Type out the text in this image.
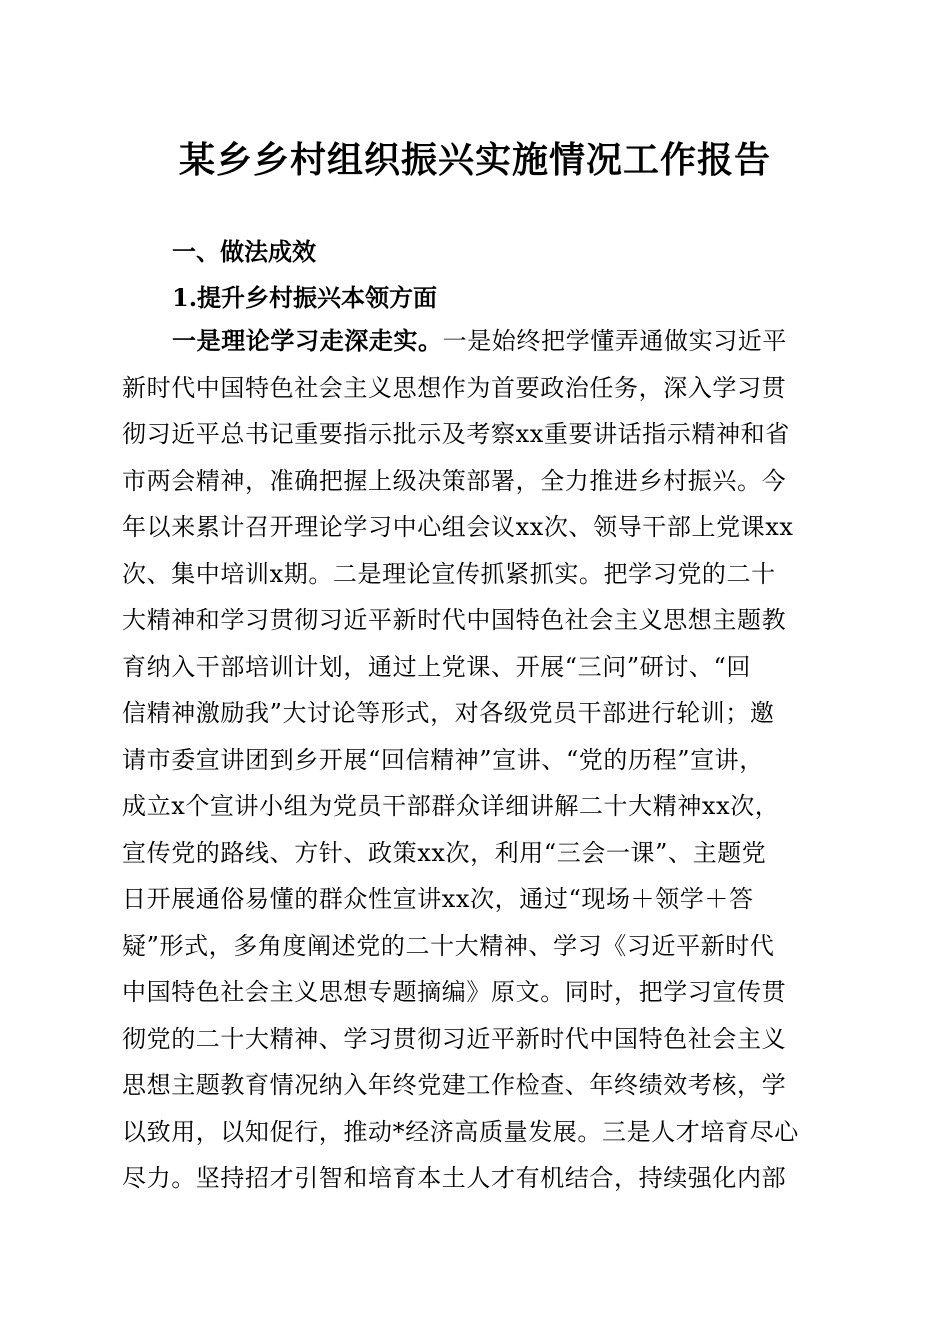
某乡乡村组织振兴实施情况工作报告
一、做法成效
1.提升乡村振兴本领方面
一是理论学习走深走实。一是始终把学懂弄通做实习近平
新时代中国特色社会主义思想作为首要政治任务，深入学习贯
彻习近平总书记重要指示批示及考察xx重要讲话指示精神和省
市两会精神，准确把握上级决策部署，全力推进乡村振兴。今
年以来累计召开理论学习中心组会议xx次、领导干部上党课xx
次、集中培训x期。二是理论宣传抓紧抓实。把学习党的二十
大精神和学习贯彻习近平新时代中国特色社会主义思想主题教
育纳入干部培训计划，通过上党课、开展“三问”研讨、“回
信精神激励我”大讨论等形式，对各级党员干部进行轮训；邀
请市委宣讲团到乡开展“回信精神”宣讲、“党的历程”宣讲，
成立x个宣讲小组为党员干部群众详细讲解二十大精神xx次，
宣传党的路线、方针、政策xx次，利用“三会一课”、主题党
日开展通俗易懂的群众性宣讲xx次，通过“现场＋领学＋答
疑”形式，多角度阐述党的二十大精神、学习《习近平新时代
中国特色社会主义思想专题摘编》原文。同时，把学习宣传贯
彻党的二十大精神、学习贯彻习近平新时代中国特色社会主义
思想主题教育情况纳入年终党建工作检查、年终绩效考核，学
以致用，以知促行，推动*经济高质量发展。三是人才培育尽心
尽力。坚持招才引智和培育本土人才有机结合，持续强化内部
